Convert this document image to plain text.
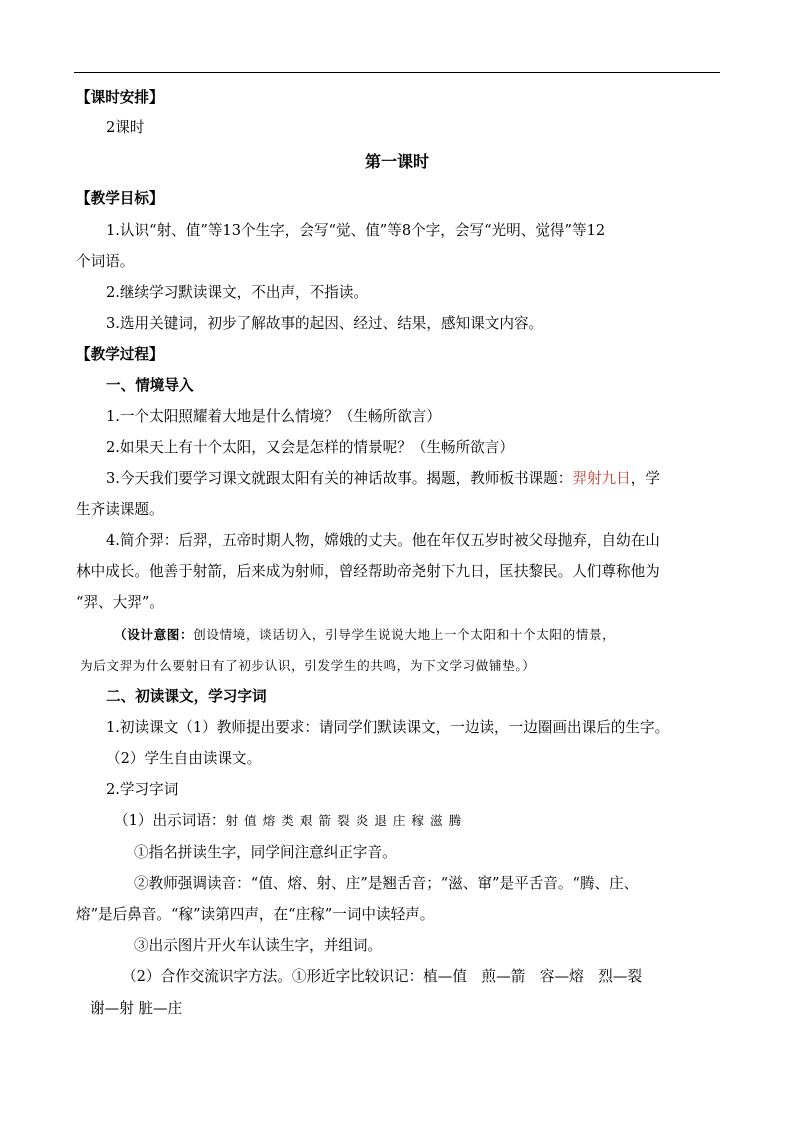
【课时安排】
2课时
第一课时
【教学目标】
1.认识“射、值”等13个生字，会写“觉、值”等8个字，会写“光明、觉得”等12
个词语。
2.继续学习默读课文，不出声，不指读。
3.选用关键词，初步了解故事的起因、经过、结果，感知课文内容。
【教学过程】
一、情境导入
1.一个太阳照耀着大地是什么情境？（生畅所欲言）
2.如果天上有十个太阳，又会是怎样的情景呢？（生畅所欲言）
3.今天我们要学习课文就跟太阳有关的神话故事。揭题，教师板书课题：羿射九日，学
生齐读课题。
4.简介羿：后羿，五帝时期人物，嫦娥的丈夫。他在年仅五岁时被父母抛弃，自幼在山
林中成长。他善于射箭，后来成为射师，曾经帮助帝尧射下九日，匡扶黎民。人们尊称他为
“羿、大羿”。
（设计意图：创设情境，谈话切入，引导学生说说大地上一个太阳和十个太阳的情景，
为后文羿为什么要射日有了初步认识，引发学生的共鸣，为下文学习做铺垫。）
二、初读课文，学习字词
1.初读课文（1）教师提出要求：请同学们默读课文，一边读，一边圈画出课后的生字。
（2）学生自由读课文。
2.学习字词
（1）出示词语：射值熔类艰箭裂炎退庄稼滋腾
①指名拼读生字，同学间注意纠正字音。
②教师强调读音：“值、熔、射、庄”是翘舌音；“滋、窜”是平舌音。“腾、庄、
熔”是后鼻音。“稼”读第四声，在“庄稼”一词中读轻声。
③出示图片开火车认读生字，并组词。
（2）合作交流识字方法。①形近字比较识记：植—值　煎—箭　容—熔　烈—裂
谢—射 脏—庄
